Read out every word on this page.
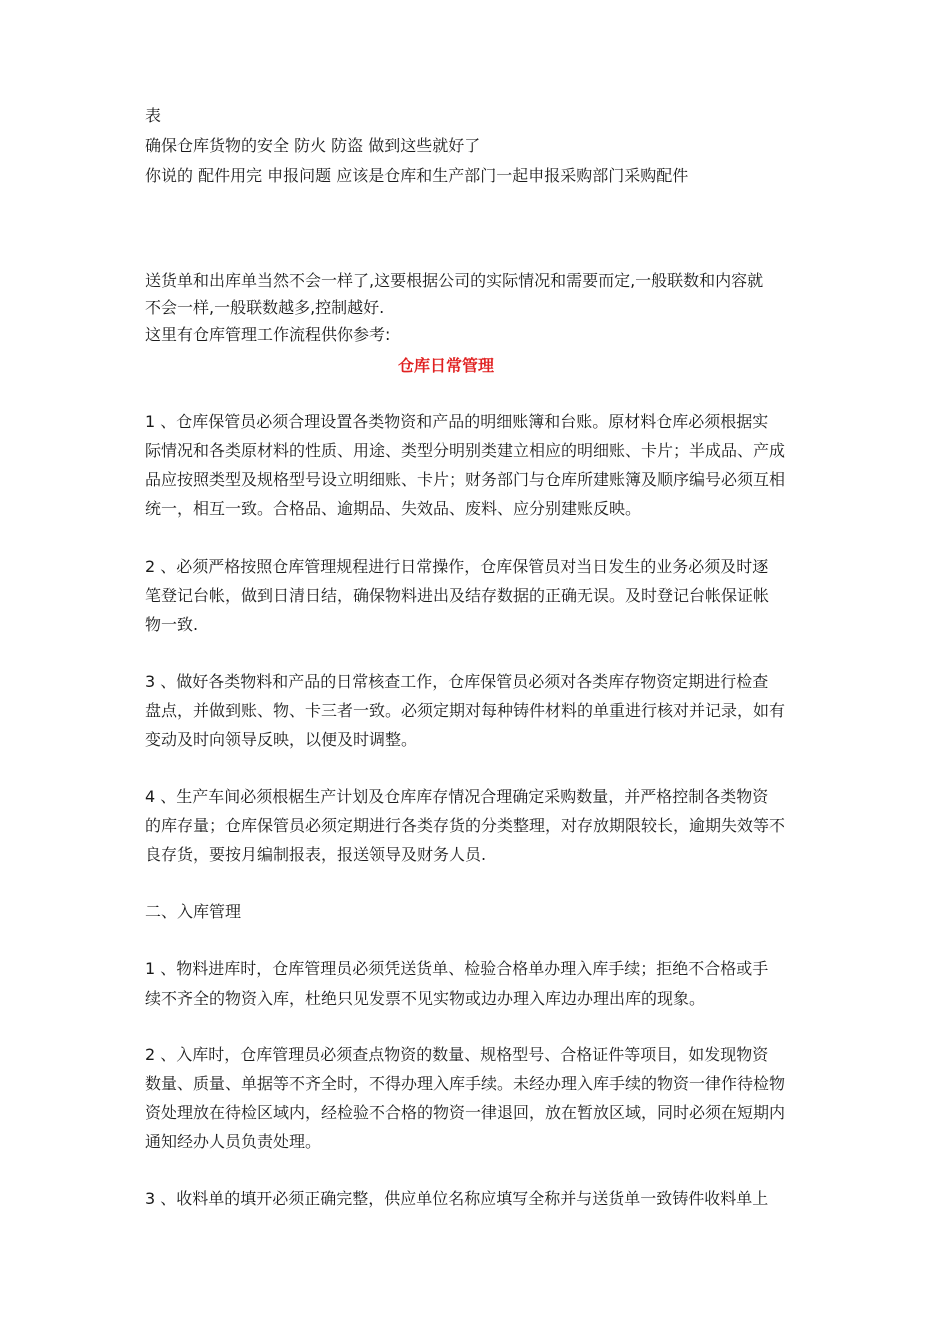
表

确保仓库货物的安全 防火 防盗 做到这些就好了

你说的 配件用完 申报问题 应该是仓库和生产部门一起申报采购部门采购配件

送货单和出库单当然不会一样了,这要根据公司的实际情况和需要而定,一般联数和内容就

不会一样,一般联数越多,控制越好.

这里有仓库管理工作流程供你参考:

仓库日常管理

1 、仓库保管员必须合理设置各类物资和产品的明细账簿和台账。原材料仓库必须根据实
际情况和各类原材料的性质、用途、类型分明别类建立相应的明细账、卡片；半成品、产成
品应按照类型及规格型号设立明细账、卡片；财务部门与仓库所建账簿及顺序编号必须互相
统一，相互一致。合格品、逾期品、失效品、废料、应分别建账反映。
2 、必须严格按照仓库管理规程进行日常操作，仓库保管员对当日发生的业务必须及时逐
笔登记台帐，做到日清日结，确保物料进出及结存数据的正确无误。及时登记台帐保证帐
物一致.
3 、做好各类物料和产品的日常核查工作，仓库保管员必须对各类库存物资定期进行检查
盘点，并做到账、物、卡三者一致。必须定期对每种铸件材料的单重进行核对并记录，如有
变动及时向领导反映，以便及时调整。
4 、生产车间必须根椐生产计划及仓库库存情况合理确定采购数量，并严格控制各类物资
的库存量；仓库保管员必须定期进行各类存货的分类整理，对存放期限较长，逾期失效等不
良存货，要按月编制报表，报送领导及财务人员.

二、入库管理

1 、物料进库时，仓库管理员必须凭送货单、检验合格单办理入库手续；拒绝不合格或手
续不齐全的物资入库，杜绝只见发票不见实物或边办理入库边办理出库的现象。
2 、入库时，仓库管理员必须查点物资的数量、规格型号、合格证件等项目，如发现物资
数量、质量、单据等不齐全时，不得办理入库手续。未经办理入库手续的物资一律作待检物
资处理放在待检区域内，经检验不合格的物资一律退回，放在暂放区域，同时必须在短期内
通知经办人员负责处理。
3 、收料单的填开必须正确完整，供应单位名称应填写全称并与送货单一致铸件收料单上
